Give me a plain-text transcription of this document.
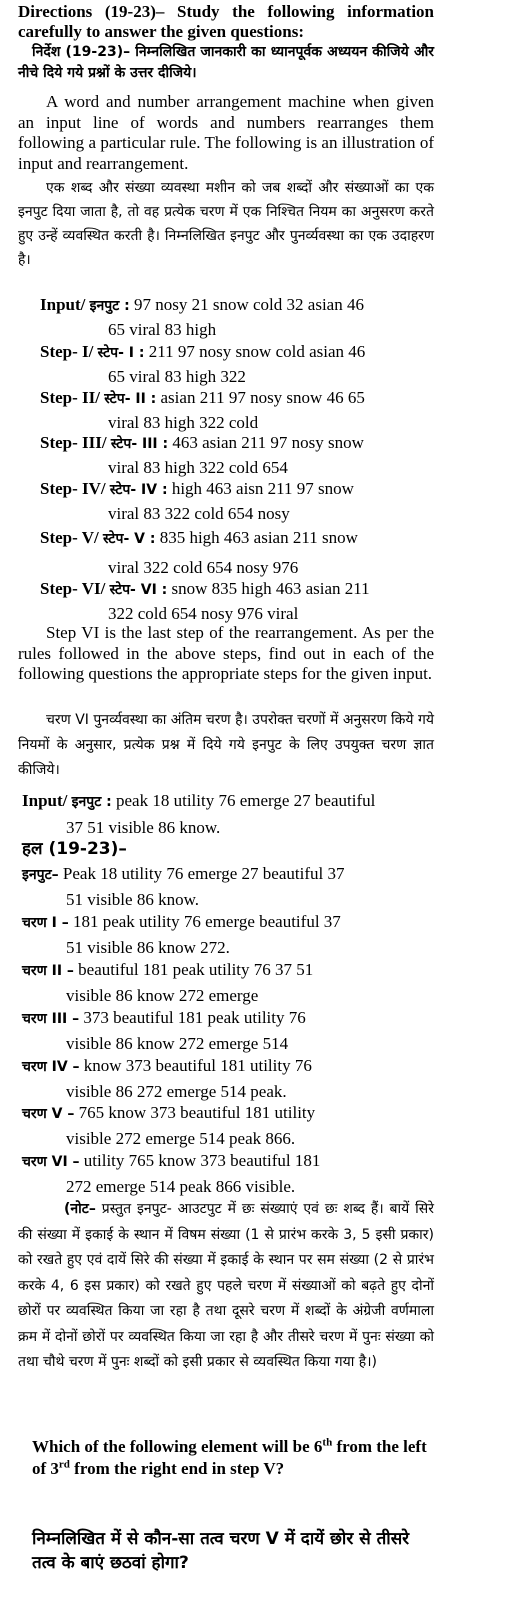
Directions (19-23)– Study the following information carefully to answer the given questions:

निर्देश (19-23)– निम्नलिखित जानकारी का ध्यानपूर्वक अध्ययन कीजिये और नीचे दिये गये प्रश्नों के उत्तर दीजिये।

A word and number arrangement machine when given an input line of words and numbers rearranges them following a particular rule. The following is an illustration of input and rearrangement.

एक शब्द और संख्या व्यवस्था मशीन को जब शब्दों और संख्याओं का एक इनपुट दिया जाता है, तो वह प्रत्येक चरण में एक निश्चित नियम का अनुसरण करते हुए उन्हें व्यवस्थित करती है। निम्नलिखित इनपुट और पुनर्व्यवस्था का एक उदाहरण है।

Input/ इनपुट : 97 nosy 21 snow cold 32 asian 46
65 viral 83 high

Step- I/ स्टेप- I : 211 97 nosy snow cold asian 46
65 viral 83 high 322

Step- II/ स्टेप- II : asian 211 97 nosy snow 46 65
viral 83 high 322 cold

Step- III/ स्टेप- III : 463 asian 211 97 nosy snow
viral 83 high 322 cold 654

Step- IV/ स्टेप- IV : high 463 aisn 211 97 snow
viral 83 322 cold 654 nosy

Step- V/ स्टेप- V : 835 high 463 asian 211 snow
viral 322 cold 654 nosy 976

Step- VI/ स्टेप- VI : snow 835 high 463 asian 211
322 cold 654 nosy 976 viral

Step VI is the last step of the rearrangement. As per the rules followed in the above steps, find out in each of the following questions the appropriate steps for the given input.

चरण VI पुनर्व्यवस्था का अंतिम चरण है। उपरोक्त चरणों में अनुसरण किये गये नियमों के अनुसार, प्रत्येक प्रश्न में दिये गये इनपुट के लिए उपयुक्त चरण ज्ञात कीजिये।

Input/ इनपुट : peak 18 utility 76 emerge 27 beautiful
37 51 visible 86 know.

हल (19-23)–

इनपुट– Peak 18 utility 76 emerge 27 beautiful 37
51 visible 86 know.

चरण I – 181 peak utility 76 emerge beautiful 37
51 visible 86 know 272.

चरण II – beautiful 181 peak utility 76 37 51
visible 86 know 272 emerge

चरण III – 373 beautiful 181 peak utility 76
visible 86 know 272 emerge 514

चरण IV – know 373 beautiful 181 utility 76
visible 86 272 emerge 514 peak.

चरण V – 765 know 373 beautiful 181 utility
visible 272 emerge 514 peak 866.

चरण VI – utility 765 know 373 beautiful 181
272 emerge 514 peak 866 visible.

(नोट– प्रस्तुत इनपुट- आउटपुट में छः संख्याएं एवं छः शब्द हैं। बायें सिरे की संख्या में इकाई के स्थान में विषम संख्या (1 से प्रारंभ करके 3, 5 इसी प्रकार) को रखते हुए एवं दायें सिरे की संख्या में इकाई के स्थान पर सम संख्या (2 से प्रारंभ करके 4, 6 इस प्रकार) को रखते हुए पहले चरण में संख्याओं को बढ़ते हुए दोनों छोरों पर व्यवस्थित किया जा रहा है तथा दूसरे चरण में शब्दों के अंग्रेजी वर्णमाला क्रम में दोनों छोरों पर व्यवस्थित किया जा रहा है और तीसरे चरण में पुनः संख्या को तथा चौथे चरण में पुनः शब्दों को इसी प्रकार से व्यवस्थित किया गया है।)

Which of the following element will be 6th from the left of 3rd from the right end in step V?

निम्नलिखित में से कौन-सा तत्व चरण V में दायें छोर से तीसरे तत्व के बाएं छठवां होगा?
